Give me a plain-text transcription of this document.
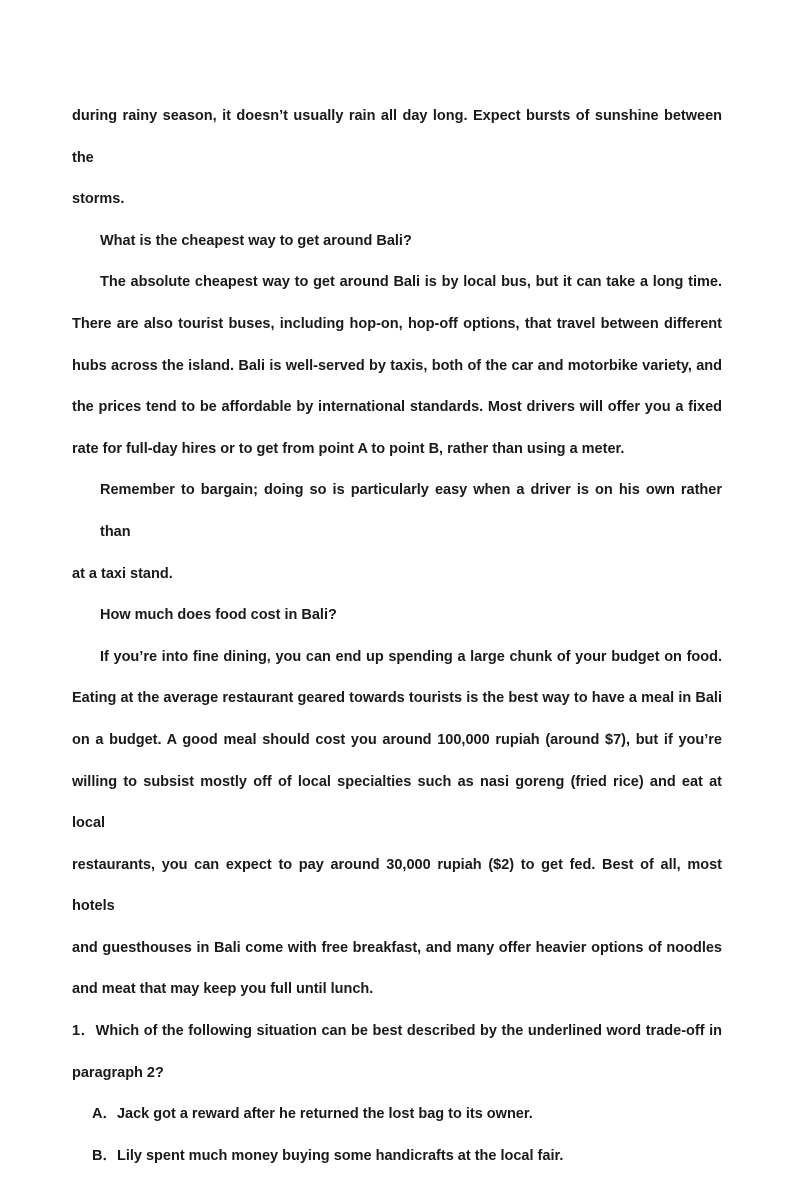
during rainy season, it doesn’t usually rain all day long. Expect bursts of sunshine between the

storms.

What is the cheapest way to get around Bali?

The absolute cheapest way to get around Bali is by local bus, but it can take a long time.

There are also tourist buses, including hop-on, hop-off options, that travel between different

hubs across the island. Bali is well-served by taxis, both of the car and motorbike variety, and

the prices tend to be affordable by international standards. Most drivers will offer you a fixed

rate for full-day hires or to get from point A to point B, rather than using a meter.

Remember to bargain; doing so is particularly easy when a driver is on his own rather than

at a taxi stand.

How much does food cost in Bali?

If you’re into fine dining, you can end up spending a large chunk of your budget on food.

Eating at the average restaurant geared towards tourists is the best way to have a meal in Bali

on a budget. A good meal should cost you around 100,000 rupiah (around $7), but if you’re

willing to subsist mostly off of local specialties such as nasi goreng (fried rice) and eat at local

restaurants, you can expect to pay around 30,000 rupiah ($2) to get fed. Best of all, most hotels

and guesthouses in Bali come with free breakfast, and many offer heavier options of noodles

and meat that may keep you full until lunch.

1．Which of the following situation can be best described by the underlined word trade-off in

paragraph 2?

A．Jack got a reward after he returned the lost bag to its owner.

B．Lily spent much money buying some handicrafts at the local fair.
